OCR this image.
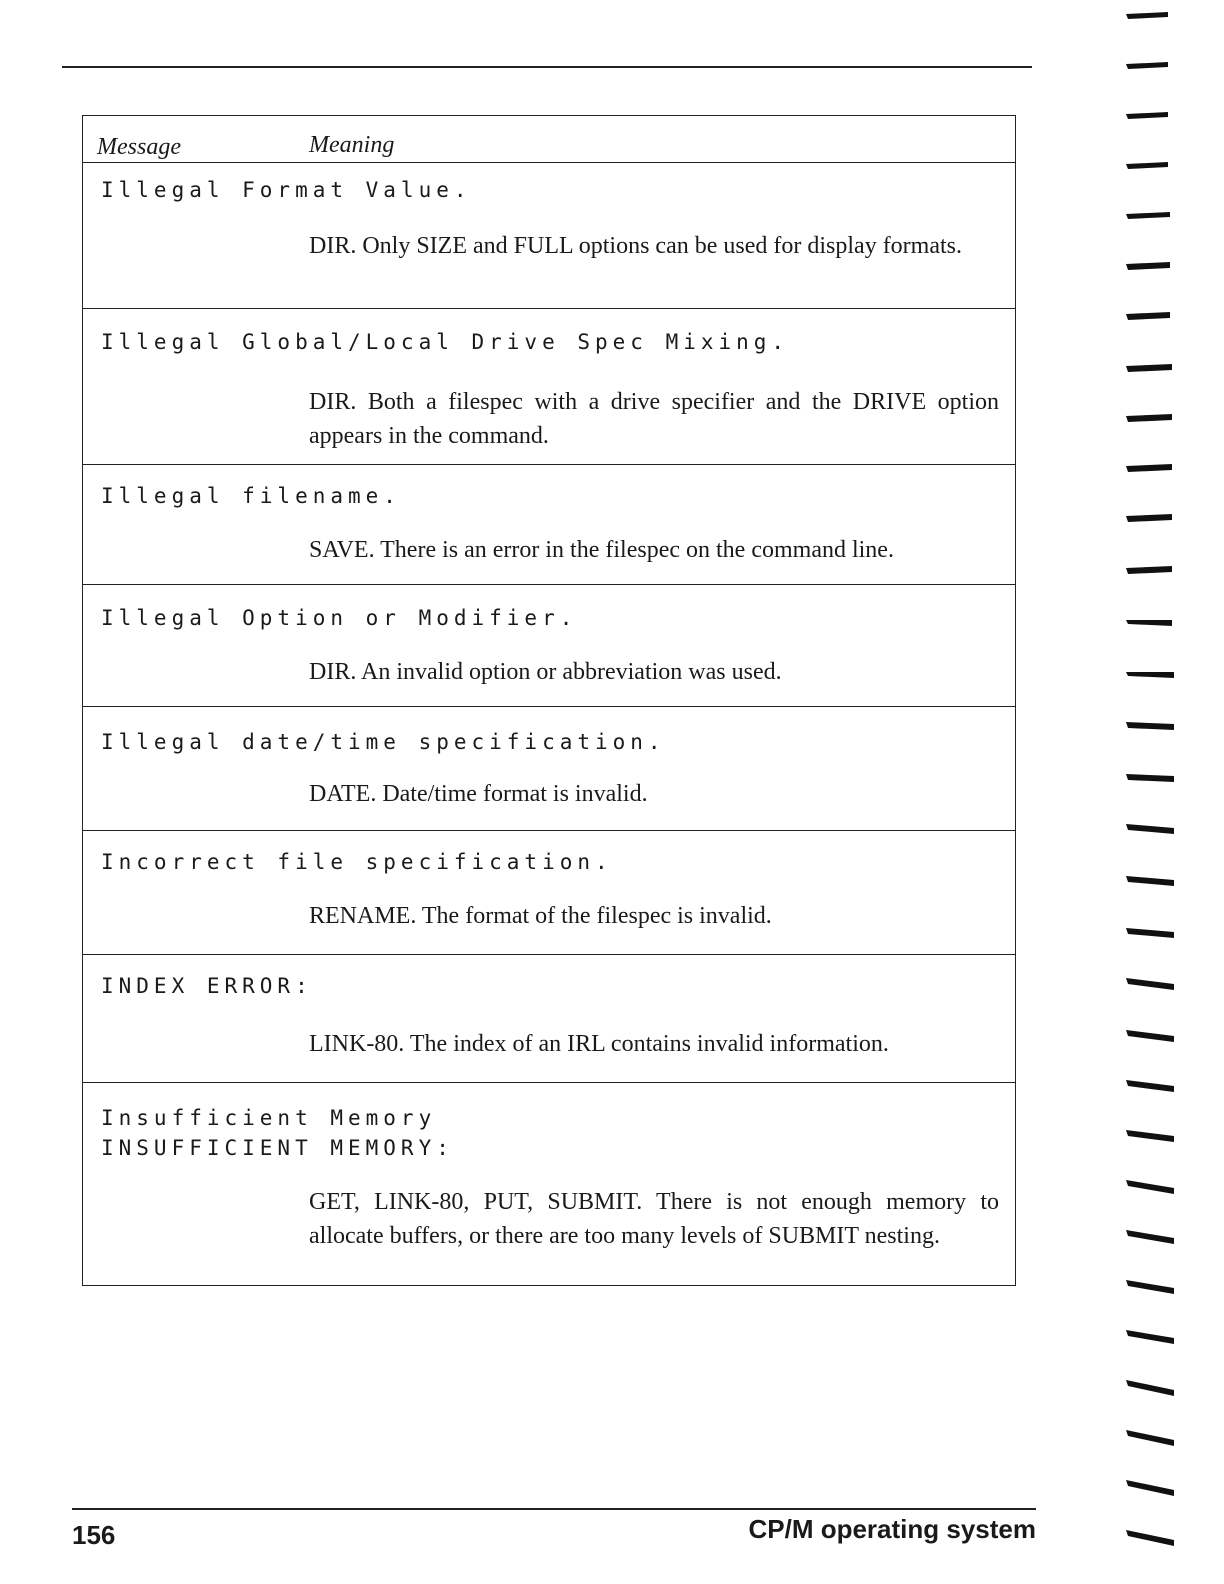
Message	Meaning
Illegal Format Value.
DIR. Only SIZE and FULL options can be used for display formats.
Illegal Global/Local Drive Spec Mixing.
DIR. Both a filespec with a drive specifier and the DRIVE option appears in the command.
Illegal filename.
SAVE. There is an error in the filespec on the command line.
Illegal Option or Modifier.
DIR. An invalid option or abbreviation was used.
Illegal date/time specification.
DATE. Date/time format is invalid.
Incorrect file specification.
RENAME. The format of the filespec is invalid.
INDEX ERROR:
LINK-80. The index of an IRL contains invalid information.
Insufficient Memory
INSUFFICIENT MEMORY:
GET, LINK-80, PUT, SUBMIT. There is not enough memory to allocate buffers, or there are too many levels of SUBMIT nesting.
156	CP/M operating system
